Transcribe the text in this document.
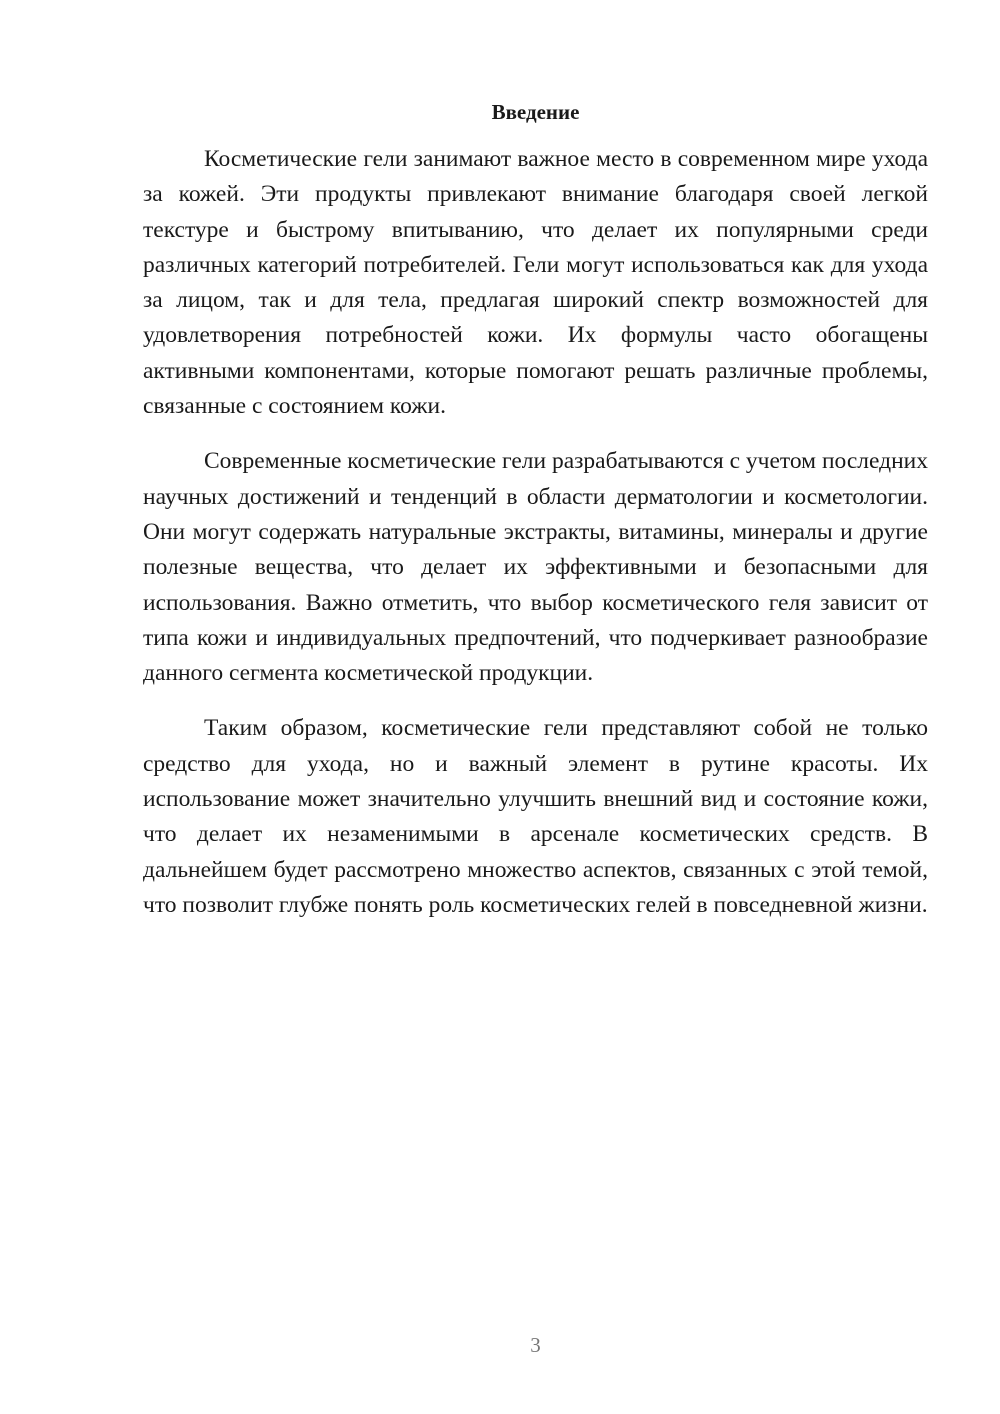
Введение

Косметические гели занимают важное место в современном мире ухода за кожей. Эти продукты привлекают внимание благодаря своей легкой текстуре и быстрому впитыванию, что делает их популярными среди различных категорий потребителей. Гели могут использоваться как для ухода за лицом, так и для тела, предлагая широкий спектр возможностей для удовлетворения потребностей кожи. Их формулы часто обогащены активными компонентами, которые помогают решать различные проблемы, связанные с состоянием кожи.

Современные косметические гели разрабатываются с учетом последних научных достижений и тенденций в области дерматологии и косметологии. Они могут содержать натуральные экстракты, витамины, минералы и другие полезные вещества, что делает их эффективными и безопасными для использования. Важно отметить, что выбор косметического геля зависит от типа кожи и индивидуальных предпочтений, что подчеркивает разнообразие данного сегмента косметической продукции.

Таким образом, косметические гели представляют собой не только средство для ухода, но и важный элемент в рутине красоты. Их использование может значительно улучшить внешний вид и состояние кожи, что делает их незаменимыми в арсенале косметических средств. В дальнейшем будет рассмотрено множество аспектов, связанных с этой темой, что позволит глубже понять роль косметических гелей в повседневной жизни.

3
